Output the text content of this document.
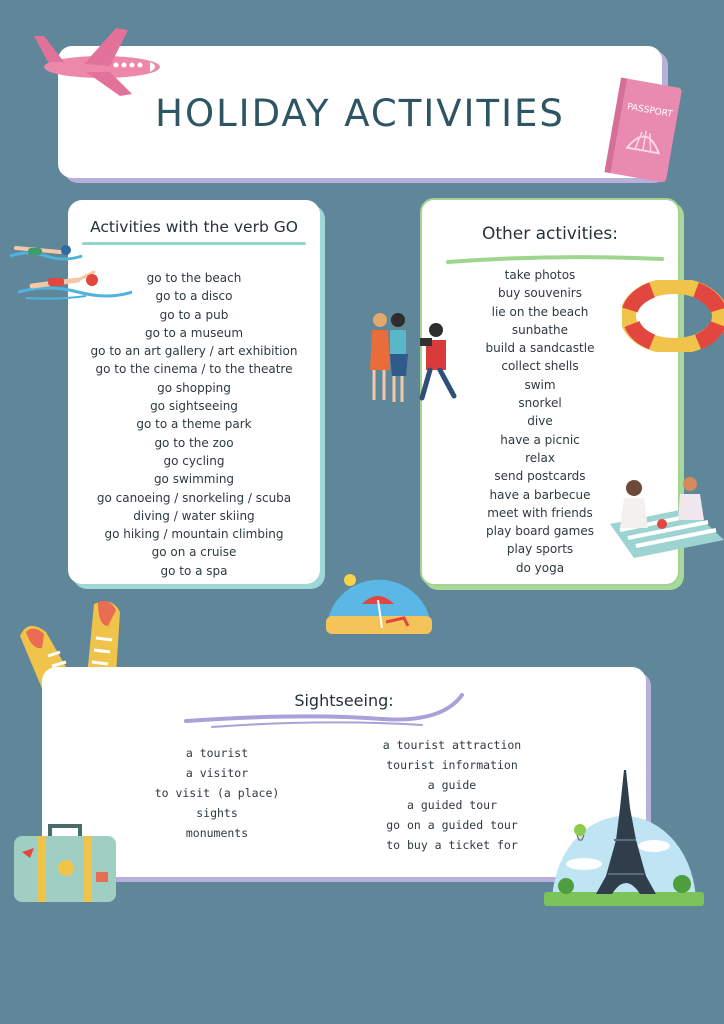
HOLIDAY ACTIVITIES	PASSPORT
Activities with the verb GO
go to the beach
go to a disco
go to a pub
go to a museum
go to an art gallery / art exhibition
go to the cinema / to the theatre
go shopping
go sightseeing
go to a theme park
go to the zoo
go cycling
go swimming
go canoeing / snorkeling / scuba
diving / water skiing
go hiking / mountain climbing
go on a cruise
go to a spa
Other activities:
take photos
buy souvenirs
lie on the beach
sunbathe
build a sandcastle
collect shells
swim
snorkel
dive
have a picnic
relax
send postcards
have a barbecue
meet with friends
play board games
play sports
do yoga
Sightseeing:
a tourist
a visitor
to visit (a place)
sights
monuments
a tourist attraction
tourist information
a guide
a guided tour
go on a guided tour
to buy a ticket for
